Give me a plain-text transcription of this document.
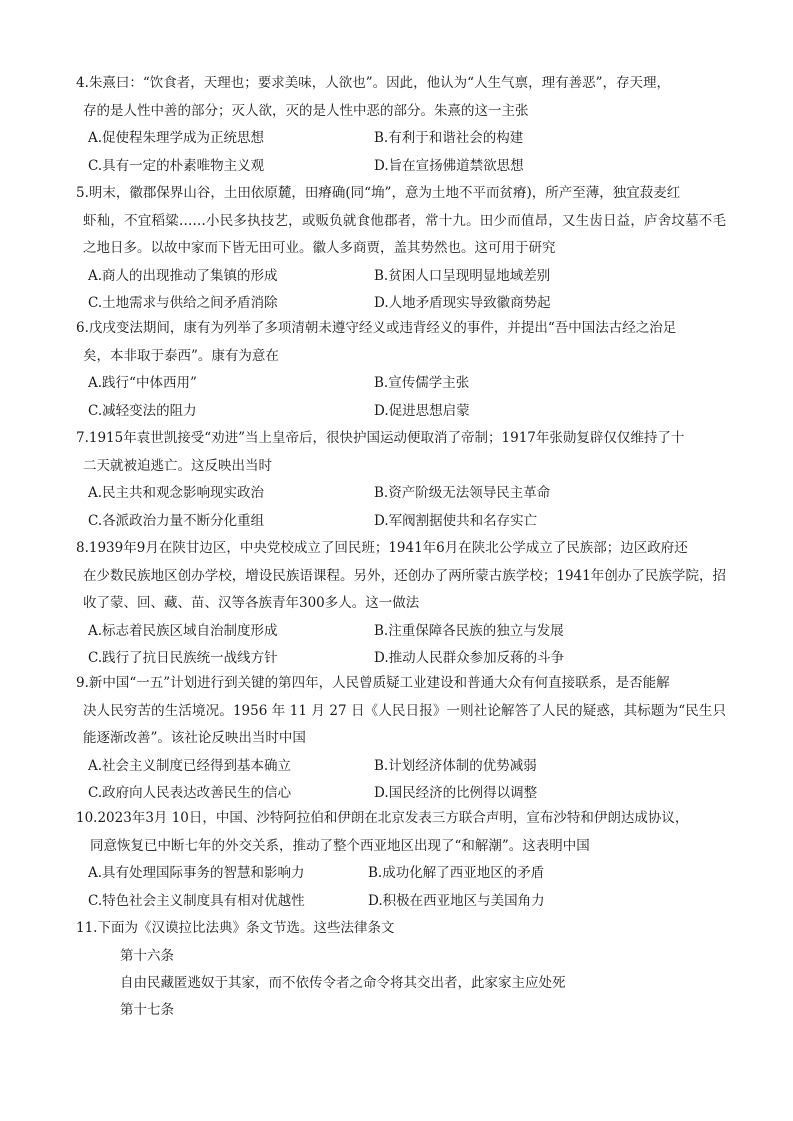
4.朱熹曰：“饮食者，天理也；要求美味，人欲也”。因此，他认为“人生气禀，理有善恶”，存天理，
存的是人性中善的部分；灭人欲，灭的是人性中恶的部分。朱熹的这一主张

A.促使程朱理学成为正统思想	B.有利于和谐社会的构建
C.具有一定的朴素唯物主义观	D.旨在宣扬佛道禁欲思想

5.明末，徽郡保界山谷，土田依原麓，田瘠确(同“埆”，意为土地不平而贫瘠)，所产至薄，独宜菽麦红
虾秈，不宜稻粱……小民多执技艺，或贩负就食他郡者，常十九。田少而值昂，又生齿日益，庐舍坟墓不毛之地日多。以故中家而下皆无田可业。徽人多商贾，盖其势然也。这可用于研究

A.商人的出现推动了集镇的形成	B.贫困人口呈现明显地域差别
C.土地需求与供给之间矛盾消除	D.人地矛盾现实导致徽商势起

6.戊戌变法期间，康有为列举了多项清朝未遵守经义或违背经义的事件，并提出“吾中国法古经之治足
矣，本非取于泰西”。康有为意在

A.践行“中体西用”	B.宣传儒学主张
C.减轻变法的阻力	D.促进思想启蒙

7.1915年袁世凯接受“劝进”当上皇帝后，很快护国运动便取消了帝制；1917年张勋复辟仅仅维持了十
二天就被迫逃亡。这反映出当时

A.民主共和观念影响现实政治	B.资产阶级无法领导民主革命
C.各派政治力量不断分化重组	D.军阀割据使共和名存实亡

8.1939年9月在陕甘边区，中央党校成立了回民班；1941年6月在陕北公学成立了民族部；边区政府还
在少数民族地区创办学校，增设民族语课程。另外，还创办了两所蒙古族学校；1941年创办了民族学院，招收了蒙、回、藏、苗、汉等各族青年300多人。这一做法

A.标志着民族区域自治制度形成	B.注重保障各民族的独立与发展
C.践行了抗日民族统一战线方针	D.推动人民群众参加反蒋的斗争

9.新中国“一五”计划进行到关键的第四年，人民曾质疑工业建设和普通大众有何直接联系，是否能解
决人民穷苦的生活境况。1956 年 11 月 27 日《人民日报》一则社论解答了人民的疑惑，其标题为“民生只能逐渐改善”。该社论反映出当时中国

A.社会主义制度已经得到基本确立	B.计划经济体制的优势减弱
C.政府向人民表达改善民生的信心	D.国民经济的比例得以调整

10.2023年3月 10日，中国、沙特阿拉伯和伊朗在北京发表三方联合声明，宣布沙特和伊朗达成协议，
同意恢复已中断七年的外交关系，推动了整个西亚地区出现了“和解潮”。这表明中国

A.具有处理国际事务的智慧和影响力	B.成功化解了西亚地区的矛盾
C.特色社会主义制度具有相对优越性	D.积极在西亚地区与美国角力

11.下面为《汉谟拉比法典》条文节选。这些法律条文

第十六条
自由民藏匿逃奴于其家，而不依传令者之命令将其交出者，此家家主应处死
第十七条
